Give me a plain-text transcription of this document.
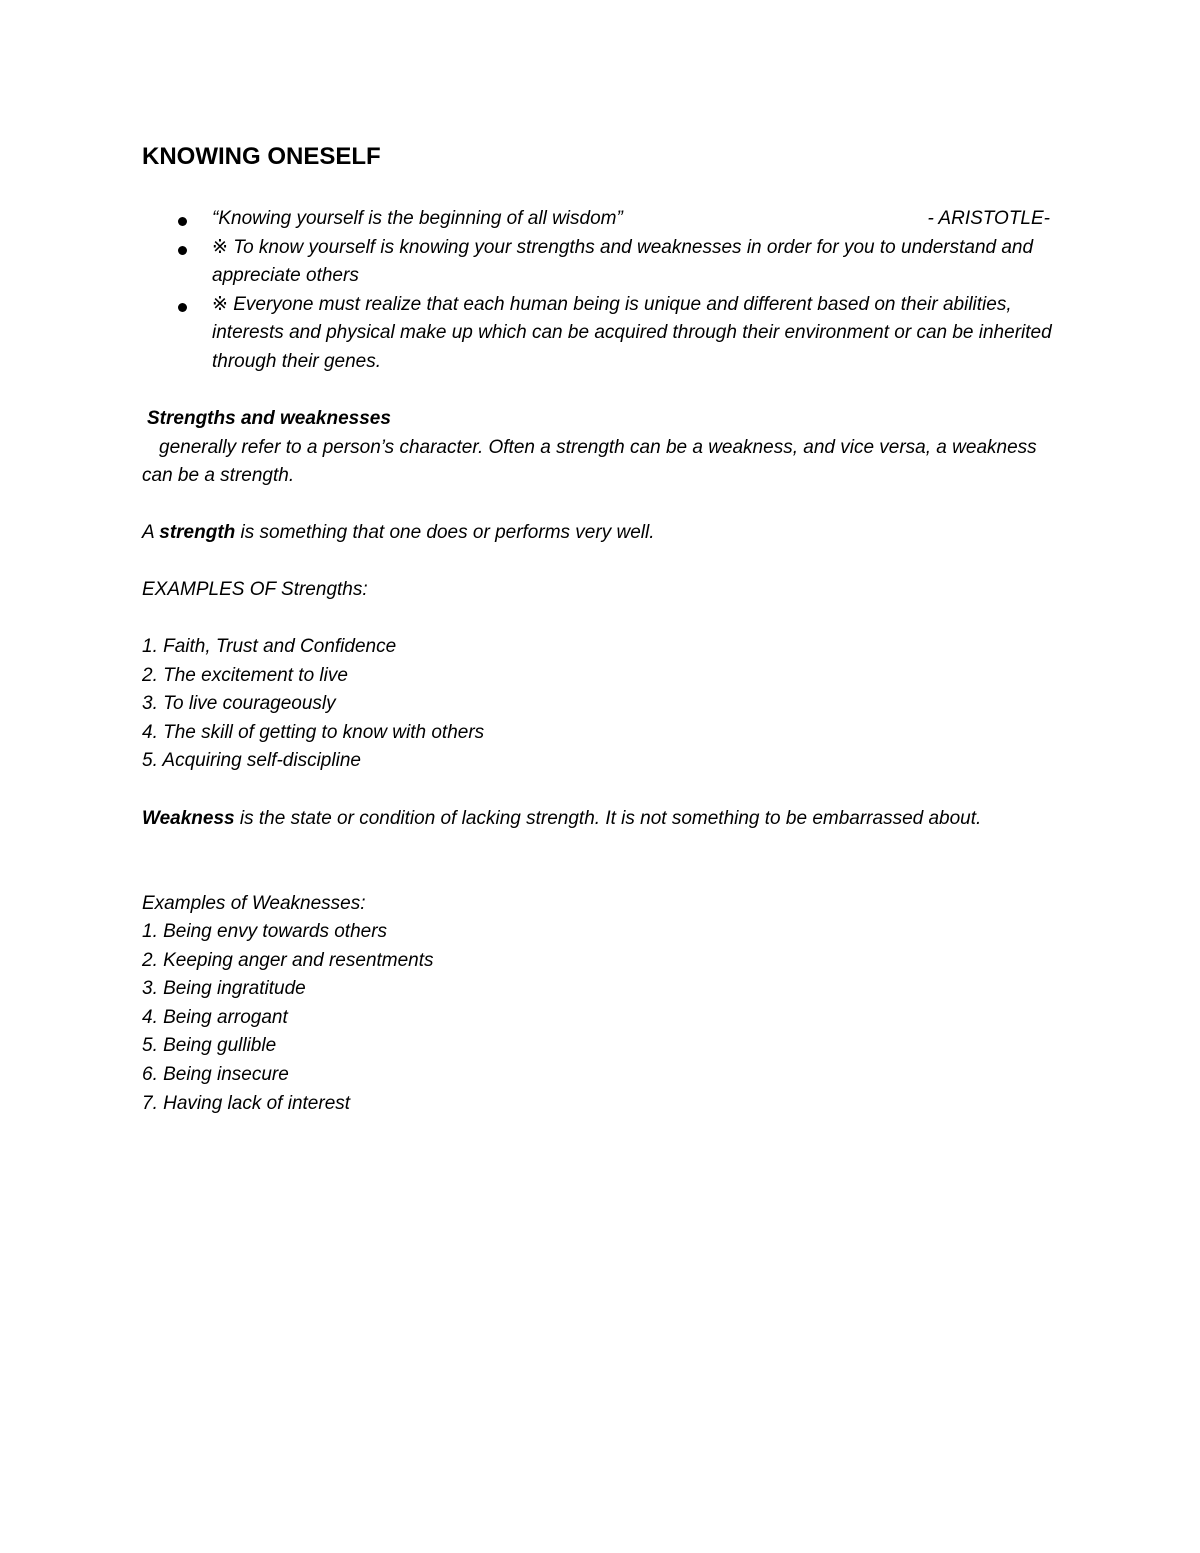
KNOWING ONESELF
“Knowing yourself is the beginning of all wisdom”	- ARISTOTLE-
※ To know yourself is knowing your strengths and weaknesses in order for you to understand and appreciate others
※ Everyone must realize that each human being is unique and different based on their abilities, interests and physical make up which can be acquired through their environment or can be inherited through their genes.
Strengths and weaknesses
generally refer to a person’s character. Often a strength can be a weakness, and vice versa, a weakness can be a strength.

A strength is something that one does or performs very well.

EXAMPLES OF Strengths:

1. Faith, Trust and Confidence
2. The excitement to live
3. To live courageously
4. The skill of getting to know with others
5. Acquiring self-discipline

Weakness is the state or condition of lacking strength. It is not something to be embarrassed about.

Examples of Weaknesses:

1. Being envy towards others
2. Keeping anger and resentments
3. Being ingratitude
4. Being arrogant
5. Being gullible
6. Being insecure
7. Having lack of interest
